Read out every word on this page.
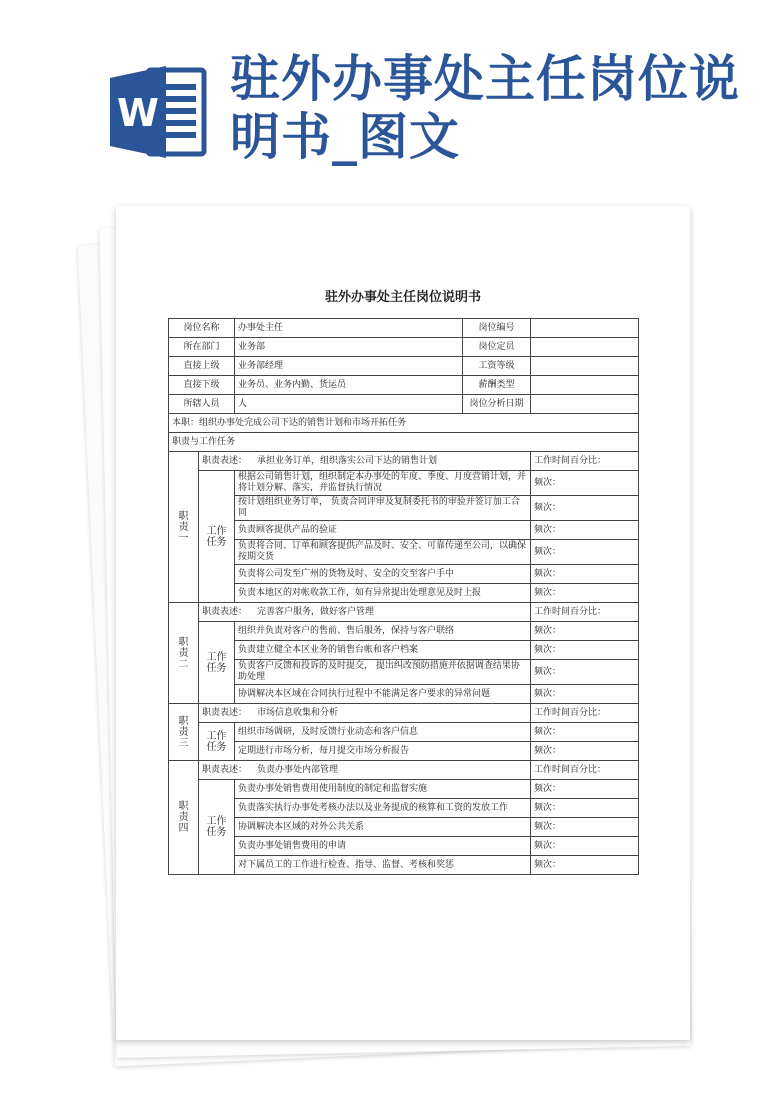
W
驻外办事处主任岗位说明书_图文
驻外办事处主任岗位说明书
岗位名称		办事处主任	岗位编号	
所在部门		业务部	岗位定员	
直接上级		业务部经理	工资等级	
直接下级		业务员、业务内勤、货运员	薪酬类型	
所辖人员		人	岗位分析日期	
本职：组织办事处完成公司下达的销售计划和市场开拓任务				
职责与工作任务				
职责一	职责表述： 承担业务订单，组织落实公司下达的销售计划			工作时间百分比：
	工作任务	根据公司销售计划，组织制定本办事处的年度、季度、月度营销计划，并将计划分解、落实，并监督执行情况		频次：
		按计划组织业务订单， 负责合同评审及复制委托书的审验并签订加工合同		频次：
		负责顾客提供产品的验证		频次：
		负责将合同、订单和顾客提供产品及时、安全、可靠传递至公司，以确保按期交货		频次：
		负责将公司发至广州的货物及时、安全的交至客户手中		频次：
		负责本地区的对帐收款工作，如有异常提出处理意见及时上报		频次：
职责二	职责表述： 完善客户服务，做好客户管理			工作时间百分比：
	工作任务	组织并负责对客户的售前、售后服务，保持与客户联络		频次：
		负责建立健全本区业务的销售台帐和客户档案		频次：
		负责客户反馈和投诉的及时提交， 提出纠改预防措施并依据调查结果协助处理		频次：
		协调解决本区域在合同执行过程中不能满足客户要求的异常问题		频次：
职责三	职责表述： 市场信息收集和分析			工作时间百分比：
	工作任务	组织市场调研，及时反馈行业动态和客户信息		频次：
		定期进行市场分析，每月提交市场分析报告		频次：
职责四	职责表述： 负责办事处内部管理			工作时间百分比：
	工作任务	负责办事处销售费用使用制度的制定和监督实施		频次：
		负责落实执行办事处考核办法以及业务提成的核算和工资的发放工作		频次：
		协调解决本区域的对外公共关系		频次：
		负责办事处销售费用的申请		频次：
		对下属员工的工作进行检查、指导、监督、考核和奖惩		频次：
